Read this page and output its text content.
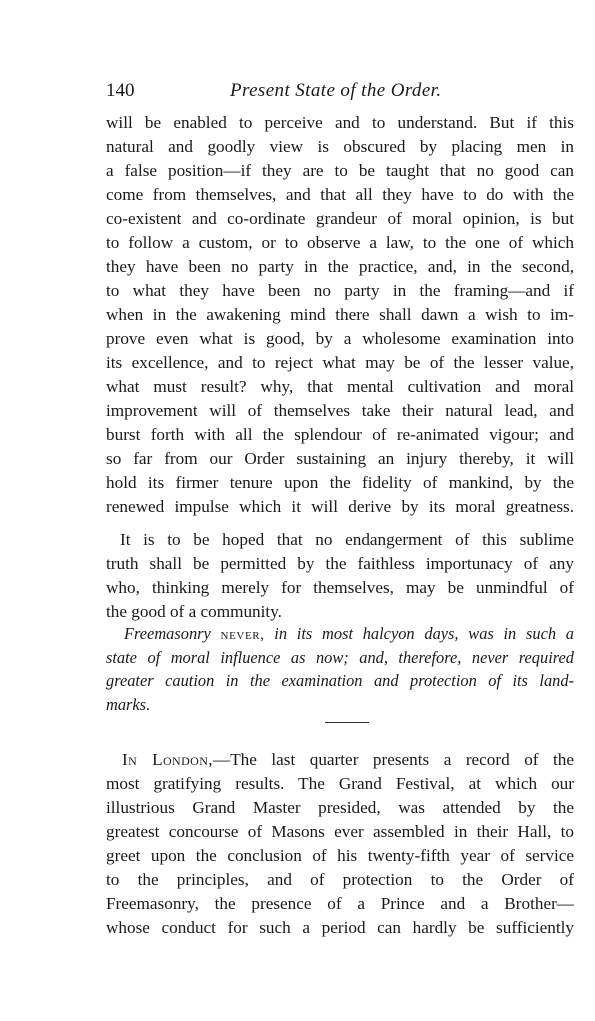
140	Present State of the Order.
will be enabled to perceive and to understand. But if this
natural and goodly view is obscured by placing men in
a false position—if they are to be taught that no good can
come from themselves, and that all they have to do with the
co-existent and co-ordinate grandeur of moral opinion, is but
to follow a custom, or to observe a law, to the one of which
they have been no party in the practice, and, in the second,
to what they have been no party in the framing—and if
when in the awakening mind there shall dawn a wish to im-
prove even what is good, by a wholesome examination into
its excellence, and to reject what may be of the lesser value,
what must result? why, that mental cultivation and moral
improvement will of themselves take their natural lead, and
burst forth with all the splendour of re-animated vigour; and
so far from our Order sustaining an injury thereby, it will
hold its firmer tenure upon the fidelity of mankind, by the
renewed impulse which it will derive by its moral greatness.
It is to be hoped that no endangerment of this sublime
truth shall be permitted by the faithless importunacy of any
who, thinking merely for themselves, may be unmindful of
the good of a community.
Freemasonry never, in its most halcyon days, was in such a
state of moral influence as now; and, therefore, never required
greater caution in the examination and protection of its land-
marks.
In London,—The last quarter presents a record of the
most gratifying results. The Grand Festival, at which our
illustrious Grand Master presided, was attended by the
greatest concourse of Masons ever assembled in their Hall, to
greet upon the conclusion of his twenty-fifth year of service
to the principles, and of protection to the Order of
Freemasonry, the presence of a Prince and a Brother—
whose conduct for such a period can hardly be sufficiently
